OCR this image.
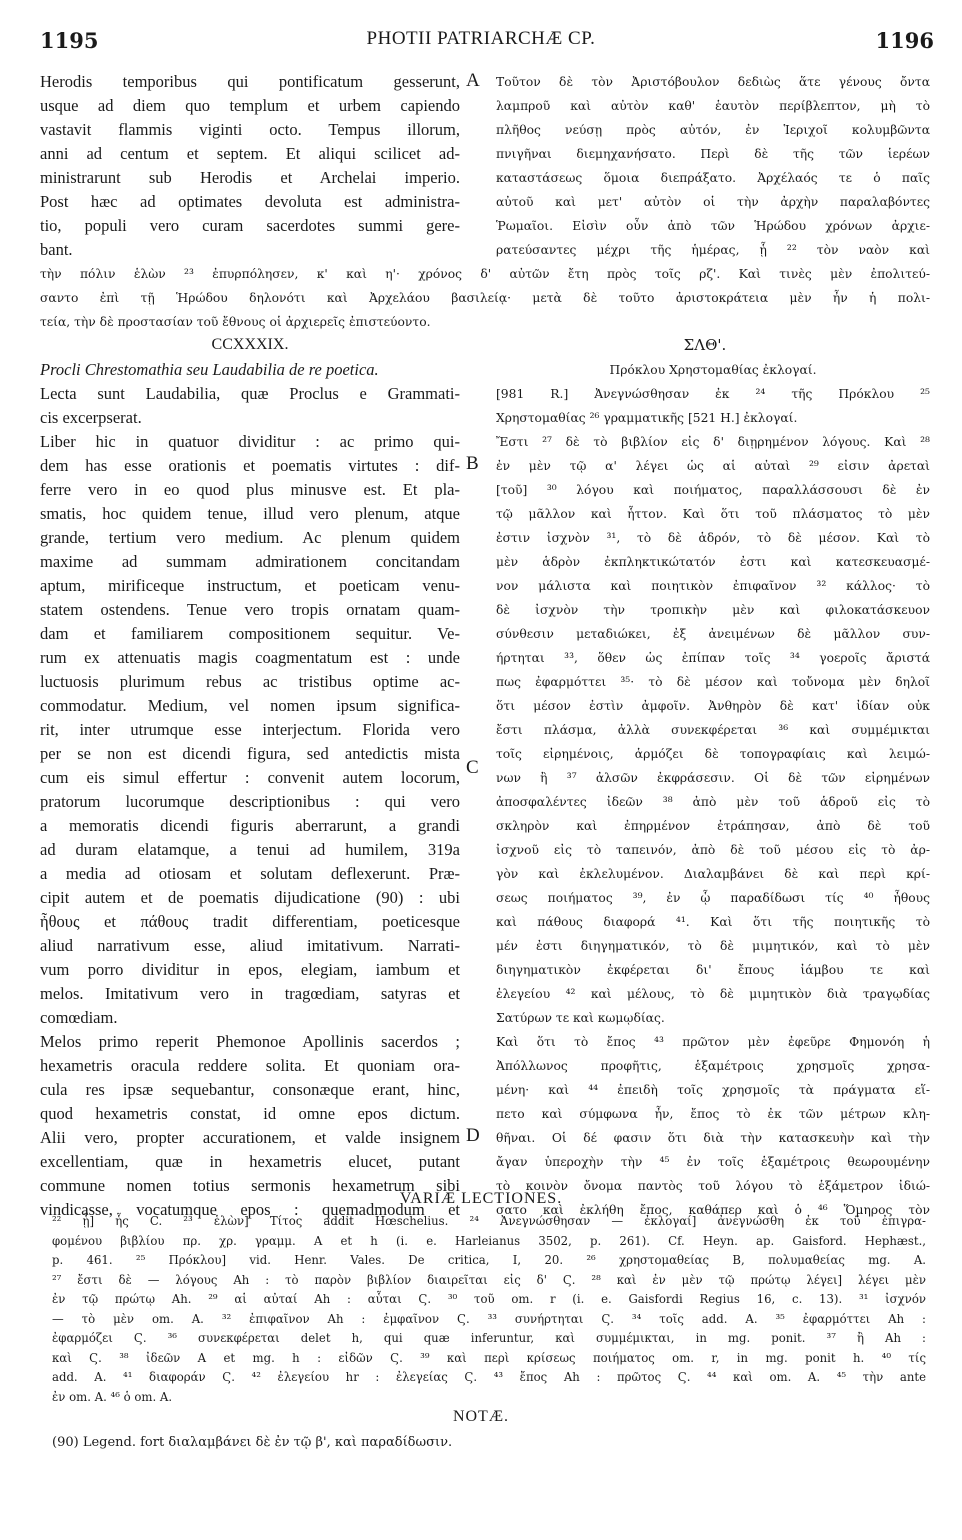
1195	PHOTII PATRIARCHÆ CP.	1196
Herodis temporibus qui pontificatum gesserunt,
usque ad diem quo templum et urbem capiendo
vastavit flammis viginti octo. Tempus illorum,
anni ad centum et septem. Et aliqui scilicet ad-
ministrarunt sub Herodis et Archelai imperio.
Post hæc ad optimates devoluta est administra-
tio, populi vero curam sacerdotes summi gere-
bant.
A Τοῦτον δὲ τὸν Ἀριστόβουλον δεδιὼς ἅτε γένους ὄντα
λαμπροῦ καὶ αὐτὸν καθ' ἑαυτὸν περίβλεπτον, μὴ τὸ
πλῆθος νεύσῃ πρὸς αὐτόν, ἐν Ἱεριχοῖ κολυμβῶντα
πνιγῆναι διεμηχανήσατο. Περὶ δὲ τῆς τῶν ἱερέων
καταστάσεως ὅμοια διεπράξατο. Ἀρχέλαός τε ὁ παῖς
αὐτοῦ καὶ μετ' αὐτὸν οἱ τὴν ἀρχὴν παραλαβόντες
Ῥωμαῖοι. Εἰσὶν οὖν ἀπὸ τῶν Ἡρώδου χρόνων ἀρχιε-
ρατεύσαντες μέχρι τῆς ἡμέρας, ᾗ ²² τὸν ναὸν καὶ
τὴν πόλιν ἑλὼν ²³ ἐπυρπόλησεν, κ' καὶ η'· χρόνος δ' αὐτῶν ἔτη πρὸς τοῖς ρζ'. Καὶ τινὲς μὲν ἐπολιτεύ-
σαντο ἐπὶ τῇ Ἡρώδου δηλονότι καὶ Ἀρχελάου βασιλείᾳ· μετὰ δὲ τοῦτο ἀριστοκράτεια μὲν ἦν ἡ πολι-
τεία, τὴν δὲ προστασίαν τοῦ ἔθνους οἱ ἀρχιερεῖς ἐπιστεύοντο.
CCXXXIX.	ΣΛΘ'.
Procli Chrestomathia seu Laudabilia de re poetica.
Lecta sunt Laudabilia, quæ Proclus e Grammati-
cis excerpserat.
Liber hic in quatuor dividitur : ac primo qui-
dem has esse orationis et poematis virtutes : dif-
ferre vero in eo quod plus minusve est. Et pla-
smatis, hoc quidem tenue, illud vero plenum, atque
grande, tertium vero medium. Ac plenum quidem
maxime ad summam admirationem concitandam
aptum, mirificeque instructum, et poeticam venu-
statem ostendens. Tenue vero tropis ornatam quam-
dam et familiarem compositionem sequitur. Ve-
rum ex attenuatis magis coagmentatum est : unde
luctuosis plurimum rebus ac tristibus optime ac-
commodatur. Medium, vel nomen ipsum significa-
rit, inter utrumque esse interjectum. Florida vero
per se non est dicendi figura, sed antedictis mista
cum eis simul effertur : convenit autem locorum,
pratorum lucorumque descriptionibus : qui vero
a memoratis dicendi figuris aberrarunt, a grandi
ad duram elatamque, a tenui ad humilem, 319a
a media ad otiosam et solutam deflexerunt. Præ-
cipit autem et de poematis dijudicatione (90) : ubi
ἦθους et πάθους tradit differentiam, poeticesque
aliud narrativum esse, aliud imitativum. Narrati-
vum porro dividitur in epos, elegiam, iambum et
melos. Imitativum vero in tragœdiam, satyras et
comœdiam.
Melos primo reperit Phemonoe Apollinis sacerdos ;
hexametris oracula reddere solita. Et quoniam ora-
cula res ipsæ sequebantur, consonæque erant, hinc,
quod hexametris constat, id omne epos dictum.
Alii vero, propter accurationem, et valde insignem
excellentiam, quæ in hexametris elucet, putant
commune nomen totius sermonis hexametrum sibi
vindicasse, vocatumque epos : quemadmodum et
B
C
D
Πρόκλου Χρηστομαθίας ἐκλογαί.
[981 R.] Ἀνεγνώσθησαν ἐκ ²⁴ τῆς Πρόκλου ²⁵
Χρηστομαθίας ²⁶ γραμματικῆς [521 H.] ἐκλογαί.
Ἔστι ²⁷ δὲ τὸ βιβλίον εἰς δ' διῃρημένον λόγους. Καὶ ²⁸
ἐν μὲν τῷ α' λέγει ὡς αἱ αὐταὶ ²⁹ εἰσιν ἀρεταὶ
[τοῦ] ³⁰ λόγου καὶ ποιήματος, παραλλάσσουσι δὲ ἐν
τῷ μᾶλλον καὶ ἧττον. Καὶ ὅτι τοῦ πλάσματος τὸ μὲν
ἐστιν ἰσχνὸν ³¹, τὸ δὲ ἁδρόν, τὸ δὲ μέσον. Καὶ τὸ
μὲν ἁδρὸν ἐκπληκτικώτατόν ἐστι καὶ κατεσκευασμέ-
νον μάλιστα καὶ ποιητικὸν ἐπιφαῖνον ³² κάλλος· τὸ
δὲ ἰσχνὸν τὴν τροπικὴν μὲν καὶ φιλοκατάσκευον
σύνθεσιν μεταδιώκει, ἐξ ἀνειμένων δὲ μᾶλλον συν-
ήρτηται ³³, ὅθεν ὡς ἐπίπαν τοῖς ³⁴ γοεροῖς ἄριστά
πως ἐφαρμόττει ³⁵· τὸ δὲ μέσον καὶ τοὔνομα μὲν δηλοῖ
ὅτι μέσον ἐστὶν ἀμφοῖν. Ἀνθηρὸν δὲ κατ' ἰδίαν οὐκ
ἔστι πλάσμα, ἀλλὰ συνεκφέρεται ³⁶ καὶ συμμέμικται
τοῖς εἰρημένοις, ἁρμόζει δὲ τοπογραφίαις καὶ λειμώ-
νων ἢ ³⁷ ἀλσῶν ἐκφράσεσιν. Οἱ δὲ τῶν εἰρημένων
ἀποσφαλέντες ἰδεῶν ³⁸ ἀπὸ μὲν τοῦ ἁδροῦ εἰς τὸ
σκληρὸν καὶ ἐπηρμένον ἐτράπησαν, ἀπὸ δὲ τοῦ
ἰσχνοῦ εἰς τὸ ταπεινόν, ἀπὸ δὲ τοῦ μέσου εἰς τὸ ἀρ-
γὸν καὶ ἐκλελυμένον. Διαλαμβάνει δὲ καὶ περὶ κρί-
σεως ποιήματος ³⁹, ἐν ᾧ παραδίδωσι τίς ⁴⁰ ἦθους
καὶ πάθους διαφορά ⁴¹. Καὶ ὅτι τῆς ποιητικῆς τὸ
μέν ἐστι διηγηματικόν, τὸ δὲ μιμητικόν, καὶ τὸ μὲν
διηγηματικὸν ἐκφέρεται δι' ἔπους ἰάμβου τε καὶ
ἐλεγείου ⁴² καὶ μέλους, τὸ δὲ μιμητικὸν διὰ τραγῳδίας
Σατύρων τε καὶ κωμῳδίας.
Καὶ ὅτι τὸ ἔπος ⁴³ πρῶτον μὲν ἐφεῦρε Φημονόη ἡ
Ἀπόλλωνος προφῆτις, ἑξαμέτροις χρησμοῖς χρησα-
μένη· καὶ ⁴⁴ ἐπειδὴ τοῖς χρησμοῖς τὰ πράγματα εἵ-
πετο καὶ σύμφωνα ἦν, ἔπος τὸ ἐκ τῶν μέτρων κλη-
θῆναι. Οἱ δέ φασιν ὅτι διὰ τὴν κατασκευὴν καὶ τὴν
ἄγαν ὑπεροχὴν τὴν ⁴⁵ ἐν τοῖς ἑξαμέτροις θεωρουμένην
τὸ κοινὸν ὄνομα παντὸς τοῦ λόγου τὸ ἑξάμετρον ἰδιώ-
σατο καὶ ἐκλήθη ἔπος, καθάπερ καὶ ὁ ⁴⁶ Ὅμηρος τὸν
VARIÆ LECTIONES.
²² ᾗ] ἧς C. ²³ ἑλὼν] Τίτος addit Hœschelius. ²⁴ Ἀνεγνώσθησαν — ἐκλογαί] ἀνεγνώσθη ἐκ τοῦ ἐπιγρα-
φομένου βιβλίου πρ. χρ. γραμμ. A et h (i. e. Harleianus 3502, p. 261). Cf. Heyn. ap. Gaisford. Hephæst.,
p. 461. ²⁵ Πρόκλου] vid. Henr. Vales. De critica, I, 20. ²⁶ χρηστομαθείας B, πολυμαθείας mg. A.
²⁷ ἔστι δὲ — λόγους Ah : τὸ παρὸν βιβλίον διαιρεῖται εἰς δ' Ϛ. ²⁸ καὶ ἐν μὲν τῷ πρώτῳ λέγει] λέγει μὲν
ἐν τῷ πρώτῳ Ah. ²⁹ αἱ αὐταί Ah : αὗται Ϛ. ³⁰ τοῦ om. r (i. e. Gaisfordi Regius 16, c. 13). ³¹ ἰσχνόν
— τὸ μὲν om. A. ³² ἐπιφαῖνον Ah : ἐμφαῖνον Ϛ. ³³ συνήρτηται Ϛ. ³⁴ τοῖς add. A. ³⁵ ἐφαρμόττει Ah :
ἐφαρμόζει Ϛ. ³⁶ συνεκφέρεται delet h, qui quæ inferuntur, καὶ συμμέμικται, in mg. ponit. ³⁷ ἢ Ah :
καὶ Ϛ. ³⁸ ἰδεῶν A et mg. h : εἰδῶν Ϛ. ³⁹ καὶ περὶ κρίσεως ποιήματος om. r, in mg. ponit h. ⁴⁰ τίς
add. A. ⁴¹ διαφοράν Ϛ. ⁴² ἐλεγείου hr : ἐλεγείας Ϛ. ⁴³ ἔπος Ah : πρῶτος Ϛ. ⁴⁴ καὶ om. A. ⁴⁵ τὴν ante
ἐν om. A. ⁴⁶ ὁ om. A.
NOTÆ.
(90) Legend. fort διαλαμβάνει δὲ ἐν τῷ β', καὶ παραδίδωσιν.
